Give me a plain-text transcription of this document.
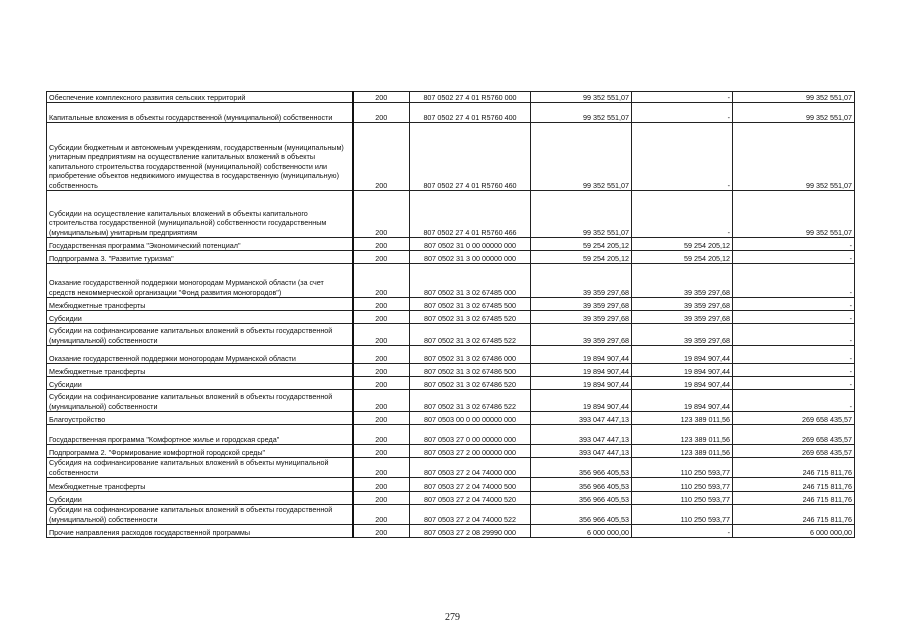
Обеспечение комплексного развития сельских территорий	200	807 0502 27 4 01 R5760 000	99 352 551,07	-	99 352 551,07
Капитальные вложения в объекты государственной (муниципальной) собственности	200	807 0502 27 4 01 R5760 400	99 352 551,07	-	99 352 551,07
Субсидии бюджетным и автономным учреждениям, государственным (муниципальным) унитарным предприятиям на осуществление капитальных вложений в объекты капитального строительства государственной (муниципальной) собственности или приобретение объектов недвижимого имущества в государственную (муниципальную) собственность	200	807 0502 27 4 01 R5760 460	99 352 551,07	-	99 352 551,07
Субсидии на осуществление капитальных вложений в объекты капитального строительства государственной (муниципальной) собственности государственным (муниципальным) унитарным предприятиям	200	807 0502 27 4 01 R5760 466	99 352 551,07	-	99 352 551,07
Государственная программа "Экономический потенциал"	200	807 0502 31 0 00 00000 000	59 254 205,12	59 254 205,12	-
Подпрограмма 3. "Развитие туризма"	200	807 0502 31 3 00 00000 000	59 254 205,12	59 254 205,12	-
Оказание государственной поддержки моногородам Мурманской области (за счет средств некоммерческой организации "Фонд развития моногородов")	200	807 0502 31 3 02 67485 000	39 359 297,68	39 359 297,68	-
Межбюджетные трансферты	200	807 0502 31 3 02 67485 500	39 359 297,68	39 359 297,68	-
Субсидии	200	807 0502 31 3 02 67485 520	39 359 297,68	39 359 297,68	-
Субсидии на софинансирование капитальных вложений в объекты государственной (муниципальной) собственности	200	807 0502 31 3 02 67485 522	39 359 297,68	39 359 297,68	-
Оказание государственной поддержки моногородам Мурманской области	200	807 0502 31 3 02 67486 000	19 894 907,44	19 894 907,44	-
Межбюджетные трансферты	200	807 0502 31 3 02 67486 500	19 894 907,44	19 894 907,44	-
Субсидии	200	807 0502 31 3 02 67486 520	19 894 907,44	19 894 907,44	-
Субсидии на софинансирование капитальных вложений в объекты государственной (муниципальной) собственности	200	807 0502 31 3 02 67486 522	19 894 907,44	19 894 907,44	-
Благоустройство	200	807 0503 00 0 00 00000 000	393 047 447,13	123 389 011,56	269 658 435,57
Государственная программа "Комфортное жилье и городская среда"	200	807 0503 27 0 00 00000 000	393 047 447,13	123 389 011,56	269 658 435,57
Подпрограмма 2. "Формирование комфортной городской среды"	200	807 0503 27 2 00 00000 000	393 047 447,13	123 389 011,56	269 658 435,57
Субсидия на софинансирование капитальных вложений в объекты муниципальной собственности	200	807 0503 27 2 04 74000 000	356 966 405,53	110 250 593,77	246 715 811,76
Межбюджетные трансферты	200	807 0503 27 2 04 74000 500	356 966 405,53	110 250 593,77	246 715 811,76
Субсидии	200	807 0503 27 2 04 74000 520	356 966 405,53	110 250 593,77	246 715 811,76
Субсидии на софинансирование капитальных вложений в объекты государственной (муниципальной) собственности	200	807 0503 27 2 04 74000 522	356 966 405,53	110 250 593,77	246 715 811,76
Прочие направления расходов государственной программы	200	807 0503 27 2 08 29990 000	6 000 000,00	-	6 000 000,00
279
